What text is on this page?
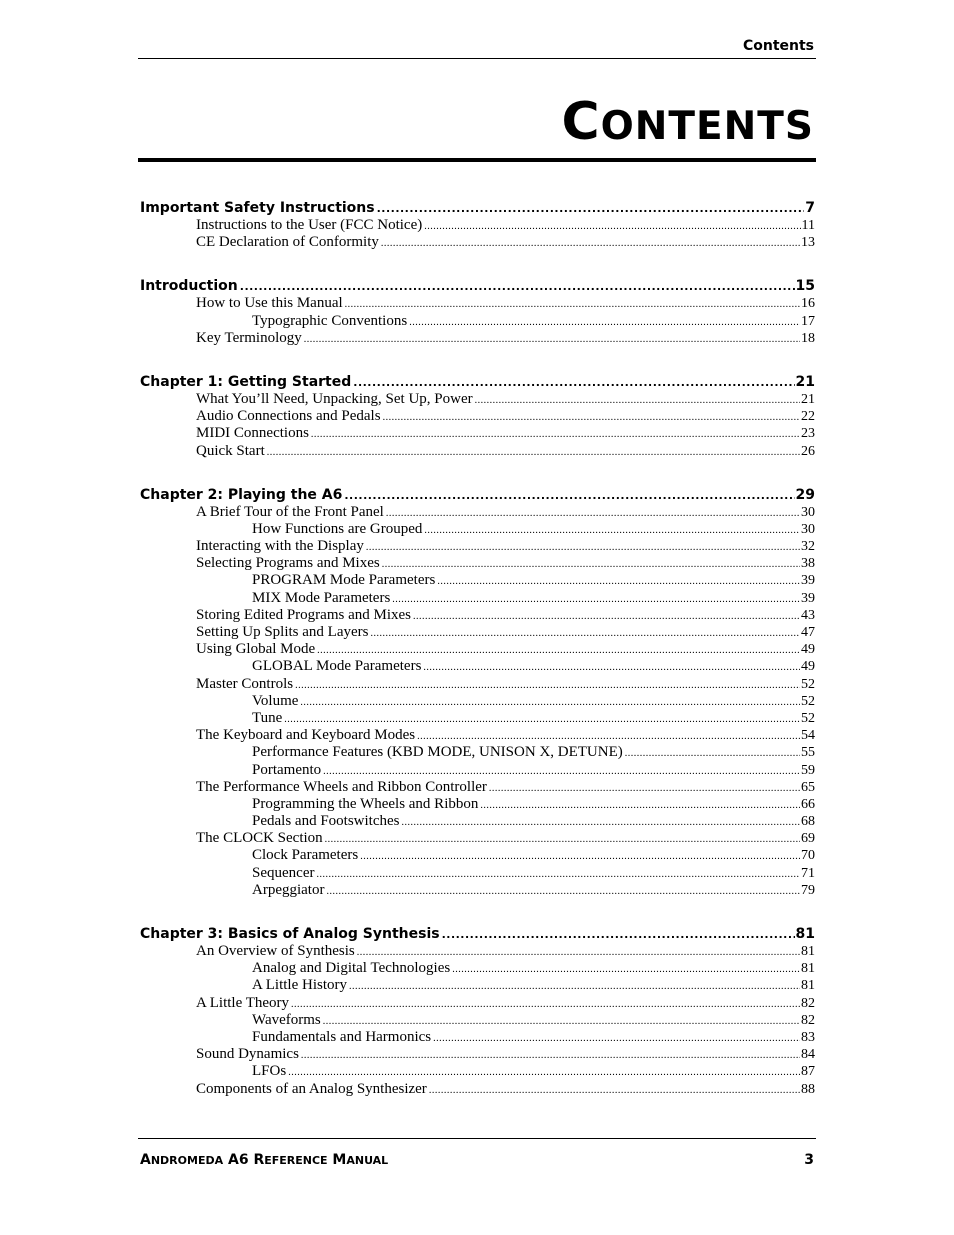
Contents
CONTENTS
Important Safety Instructions .....	7
Instructions to the User (FCC Notice) .....	11
CE Declaration of Conformity .....	13
Introduction .....	15
How to Use this Manual .....	16
Typographic Conventions .....	17
Key Terminology .....	18
Chapter 1: Getting Started .....	21
What You’ll Need, Unpacking, Set Up, Power .....	21
Audio Connections and Pedals .....	22
MIDI Connections .....	23
Quick Start .....	26
Chapter 2: Playing the A6 .....	29
A Brief Tour of the Front Panel .....	30
How Functions are Grouped .....	30
Interacting with the Display .....	32
Selecting Programs and Mixes .....	38
PROGRAM Mode Parameters .....	39
MIX Mode Parameters .....	39
Storing Edited Programs and Mixes .....	43
Setting Up Splits and Layers .....	47
Using Global Mode .....	49
GLOBAL Mode Parameters .....	49
Master Controls .....	52
Volume .....	52
Tune .....	52
The Keyboard and Keyboard Modes .....	54
Performance Features (KBD MODE, UNISON X, DETUNE) .....	55
Portamento .....	59
The Performance Wheels and Ribbon Controller .....	65
Programming the Wheels and Ribbon .....	66
Pedals and Footswitches .....	68
The CLOCK Section .....	69
Clock Parameters .....	70
Sequencer .....	71
Arpeggiator .....	79
Chapter 3: Basics of Analog Synthesis .....	81
An Overview of Synthesis .....	81
Analog and Digital Technologies .....	81
A Little History .....	81
A Little Theory .....	82
Waveforms .....	82
Fundamentals and Harmonics .....	83
Sound Dynamics .....	84
LFOs .....	87
Components of an Analog Synthesizer .....	88
ANDROMEDA A6 REFERENCE MANUAL	3
